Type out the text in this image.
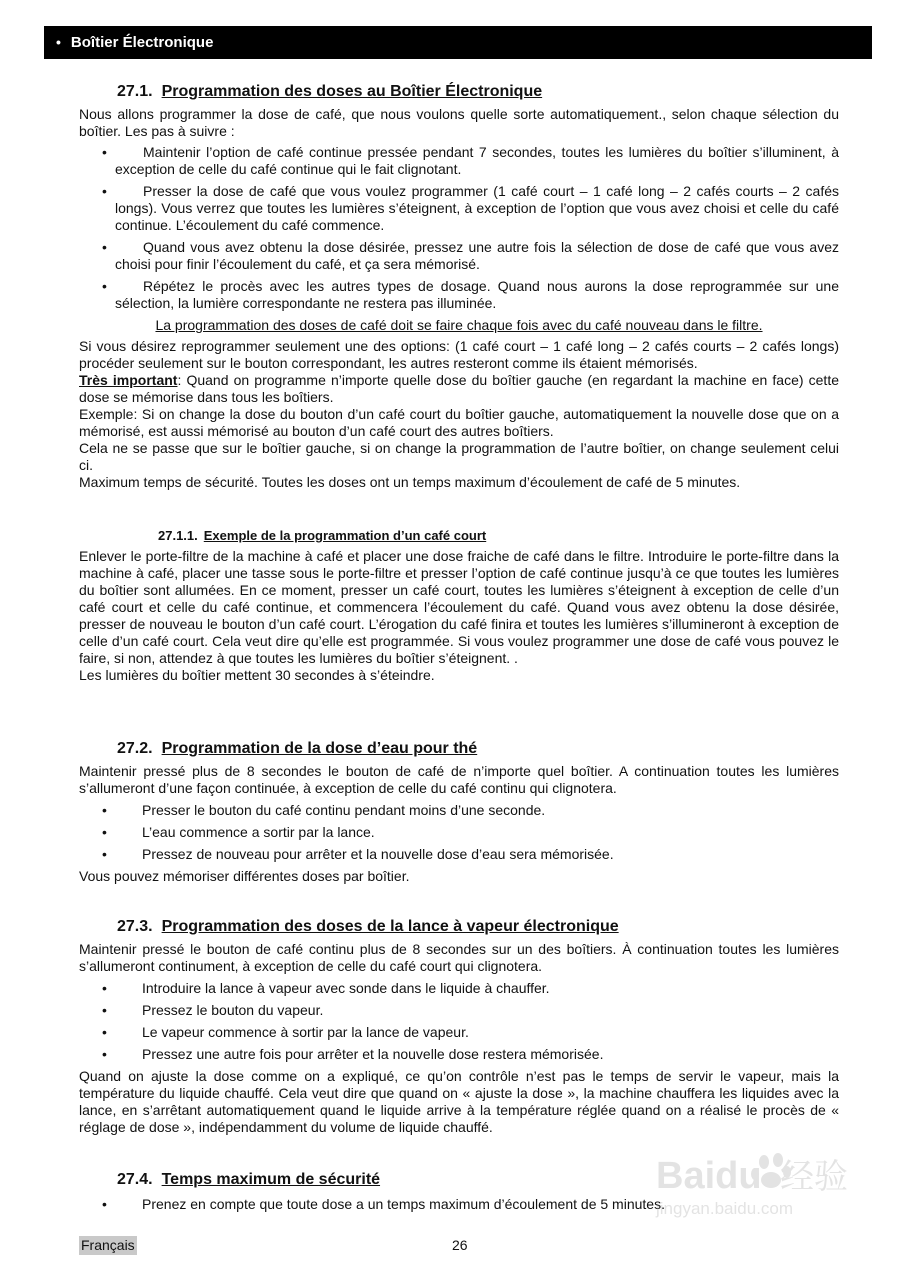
• Boîtier Électronique
27.1. Programmation des doses au Boîtier Électronique

Nous allons programmer la dose de café, que nous voulons quelle sorte automatiquement., selon chaque sélection du boîtier. Les pas à suivre :

•	Maintenir l’option de café continue pressée pendant 7 secondes, toutes les lumières du boîtier s’illuminent, à exception de celle du café continue qui le fait clignotant.
•	Presser la dose de café que vous voulez programmer (1 café court – 1 café long – 2 cafés courts – 2 cafés longs). Vous verrez que toutes les lumières s’éteignent, à exception de l’option que vous avez choisi et celle du café continue. L’écoulement du café commence.
•	Quand vous avez obtenu la dose désirée, pressez une autre fois la sélection de dose de café que vous avez choisi pour finir l’écoulement du café, et ça sera mémorisé.
•	Répétez le procès avec les autres types de dosage. Quand nous aurons la dose reprogrammée sur une sélection, la lumière correspondante ne restera pas illuminée.

La programmation des doses de café doit se faire chaque fois avec du café nouveau dans le filtre.

Si vous désirez reprogrammer seulement une des options: (1 café court – 1 café long – 2 cafés courts – 2 cafés longs) procéder seulement sur le bouton correspondant, les autres resteront comme ils étaient mémorisés.

Très important: Quand on programme n’importe quelle dose du boîtier gauche (en regardant la machine en face) cette dose se mémorise dans tous les boîtiers.

Exemple: Si on change la dose du bouton d’un café court du boîtier gauche, automatiquement la nouvelle dose que on a mémorisé, est aussi mémorisé au bouton d’un café court des autres boîtiers.

Cela ne se passe que sur le boîtier gauche, si on change la programmation de l’autre boîtier, on change seulement celui ci.

Maximum temps de sécurité. Toutes les doses ont un temps maximum d’écoulement de café de 5 minutes.

27.1.1. Exemple de la programmation d’un café court

Enlever le porte-filtre de la machine à café et placer une dose fraiche de café dans le filtre. Introduire le porte-filtre dans la machine à café, placer une tasse sous le porte-filtre et presser l’option de café continue jusqu’à ce que toutes les lumières du boîtier sont allumées. En ce moment, presser un café court, toutes les lumières s’éteignent à exception de celle d’un café court et celle du café continue, et commencera l’écoulement du café. Quand vous avez obtenu la dose désirée, presser de nouveau le bouton d’un café court. L’érogation du café finira et toutes les lumières s’illumineront à exception de celle d’un café court. Cela veut dire qu’elle est programmée. Si vous voulez programmer une dose de café vous pouvez le faire, si non, attendez à que toutes les lumières du boîtier s’éteignent. .

Les lumières du boîtier mettent 30 secondes à s’éteindre.

27.2. Programmation de la dose d’eau pour thé

Maintenir pressé plus de 8 secondes le bouton de café de n’importe quel boîtier. A continuation toutes les lumières s’allumeront d’une façon continuée, à exception de celle du café continu qui clignotera.

•	Presser le bouton du café continu pendant moins d’une seconde.
•	L’eau commence a sortir par la lance.
•	Pressez de nouveau pour arrêter et la nouvelle dose d’eau sera mémorisée.

Vous pouvez mémoriser différentes doses par boîtier.

27.3. Programmation des doses de la lance à vapeur électronique

Maintenir pressé le bouton de café continu plus de 8 secondes sur un des boîtiers. À continuation toutes les lumières s’allumeront continument, à exception de celle du café court qui clignotera.

•	Introduire la lance à vapeur avec sonde dans le liquide à chauffer.
•	Pressez le bouton du vapeur.
•	Le vapeur commence à sortir par la lance de vapeur.
•	Pressez une autre fois pour arrêter et la nouvelle dose restera mémorisée.

Quand on ajuste la dose comme on a expliqué, ce qu’on contrôle n’est pas le temps de servir le vapeur, mais la température du liquide chauffé. Cela veut dire que quand on « ajuste la dose », la machine chauffera les liquides avec la lance, en s’arrêtant automatiquement quand le liquide arrive à la température réglée quand on a réalisé le procès de « réglage de dose », indépendamment du volume de liquide chauffé.

27.4. Temps maximum de sécurité
•	Prenez en compte que toute dose a un temps maximum d’écoulement de 5 minutes.
Baidu 经验
jingyan.baidu.com
Français	26
